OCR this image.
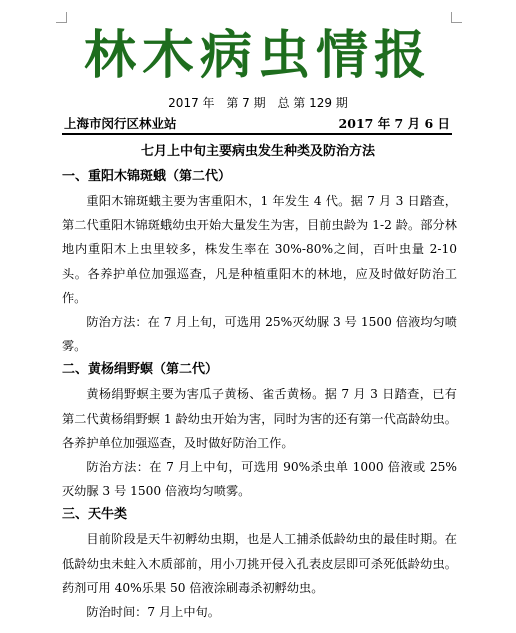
林木病虫情报
2017 年 第 7 期 总 第 129 期
上海市闵行区林业站	2017 年 7 月 6 日
七月上中旬主要病虫发生种类及防治方法
一、重阳木锦斑蛾（第二代）

重阳木锦斑蛾主要为害重阳木，1 年发生 4 代。据 7 月 3 日踏查，第二代重阳木锦斑蛾幼虫开始大量发生为害，目前虫龄为 1-2 龄。部分林地内重阳木上虫里较多，株发生率在 30%-80%之间，百叶虫量 2-10 头。各养护单位加强巡查，凡是种植重阳木的林地，应及时做好防治工作。

防治方法：在 7 月上旬，可选用 25%灭幼脲 3 号 1500 倍液均匀喷雾。

二、黄杨绢野螟（第二代）

黄杨绢野螟主要为害瓜子黄杨、雀舌黄杨。据 7 月 3 日踏查，已有第二代黄杨绢野螟 1 龄幼虫开始为害，同时为害的还有第一代高龄幼虫。各养护单位加强巡查，及时做好防治工作。

防治方法：在 7 月上中旬，可选用 90%杀虫单 1000 倍液或 25%灭幼脲 3 号 1500 倍液均匀喷雾。

三、天牛类

目前阶段是天牛初孵幼虫期，也是人工捕杀低龄幼虫的最佳时期。在低龄幼虫未蛀入木质部前，用小刀挑开侵入孔表皮层即可杀死低龄幼虫。药剂可用 40%乐果 50 倍液涂刷毒杀初孵幼虫。

防治时间：7 月上中旬。
